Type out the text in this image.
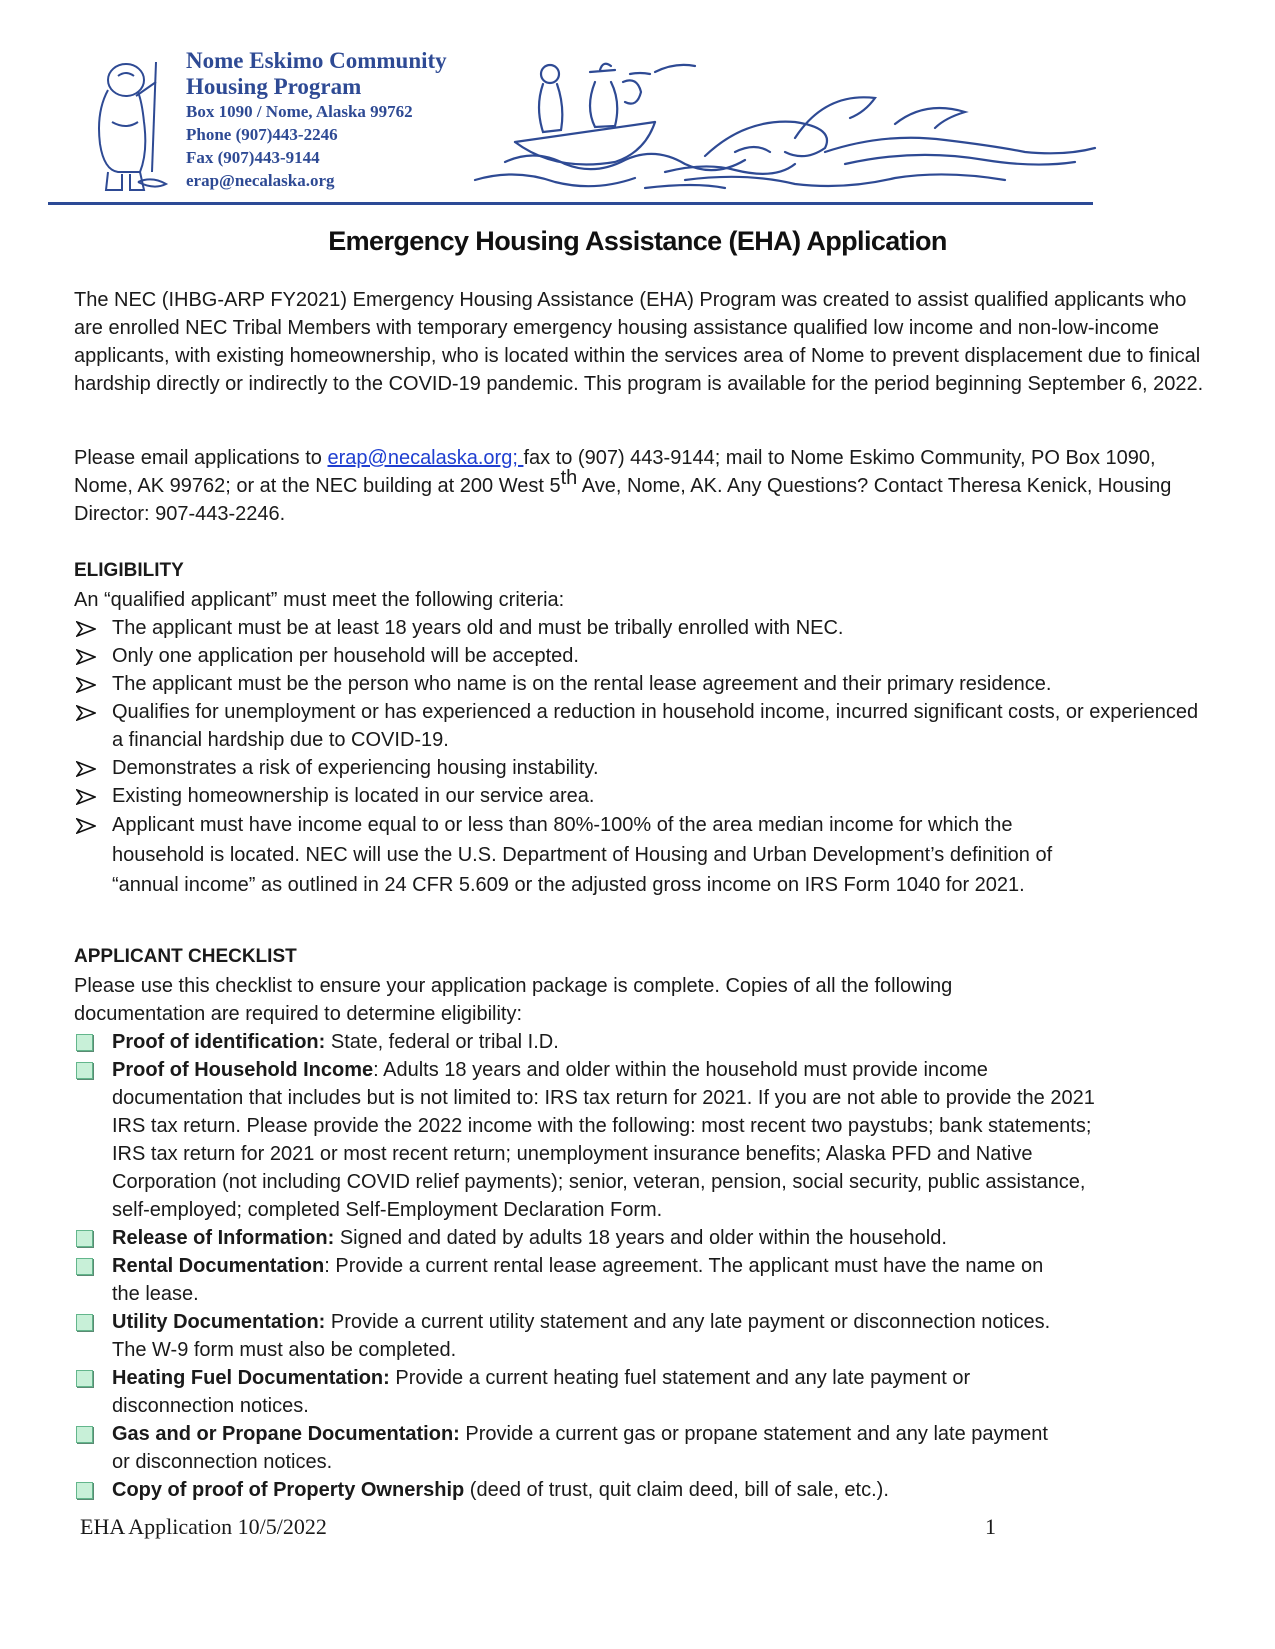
Nome Eskimo Community
Housing Program
Box 1090 / Nome, Alaska 99762
Phone (907)443-2246
Fax (907)443-9144
erap@necalaska.org
Emergency Housing Assistance (EHA) Application

The NEC (IHBG-ARP FY2021) Emergency Housing Assistance (EHA) Program was created to assist qualified applicants who are enrolled NEC Tribal Members with temporary emergency housing assistance qualified low income and non-low-income applicants, with existing homeownership, who is located within the services area of Nome to prevent displacement due to finical hardship directly or indirectly to the COVID-19 pandemic. This program is available for the period beginning September 6, 2022.

Please email applications to erap@necalaska.org; fax to (907) 443-9144; mail to Nome Eskimo Community, PO Box 1090, Nome, AK 99762; or at the NEC building at 200 West 5th Ave, Nome, AK. Any Questions? Contact Theresa Kenick, Housing Director: 907-443-2246.

ELIGIBILITY
An “qualified applicant” must meet the following criteria:
The applicant must be at least 18 years old and must be tribally enrolled with NEC.
Only one application per household will be accepted.
The applicant must be the person who name is on the rental lease agreement and their primary residence.
Qualifies for unemployment or has experienced a reduction in household income, incurred significant costs, or experienced a financial hardship due to COVID-19.
Demonstrates a risk of experiencing housing instability.
Existing homeownership is located in our service area.
Applicant must have income equal to or less than 80%-100% of the area median income for which the household is located. NEC will use the U.S. Department of Housing and Urban Development’s definition of “annual income” as outlined in 24 CFR 5.609 or the adjusted gross income on IRS Form 1040 for 2021.
APPLICANT CHECKLIST

Please use this checklist to ensure your application package is complete. Copies of all the following documentation are required to determine eligibility:

Proof of identification: State, federal or tribal I.D.
Proof of Household Income: Adults 18 years and older within the household must provide income documentation that includes but is not limited to: IRS tax return for 2021. If you are not able to provide the 2021 IRS tax return. Please provide the 2022 income with the following: most recent two paystubs; bank statements; IRS tax return for 2021 or most recent return; unemployment insurance benefits; Alaska PFD and Native Corporation (not including COVID relief payments); senior, veteran, pension, social security, public assistance, self-employed; completed Self-Employment Declaration Form.
Release of Information: Signed and dated by adults 18 years and older within the household.
Rental Documentation: Provide a current rental lease agreement. The applicant must have the name on the lease.
Utility Documentation: Provide a current utility statement and any late payment or disconnection notices. The W-9 form must also be completed.
Heating Fuel Documentation: Provide a current heating fuel statement and any late payment or disconnection notices.
Gas and or Propane Documentation: Provide a current gas or propane statement and any late payment or disconnection notices.
Copy of proof of Property Ownership (deed of trust, quit claim deed, bill of sale, etc.).
EHA Application 10/5/2022	1
